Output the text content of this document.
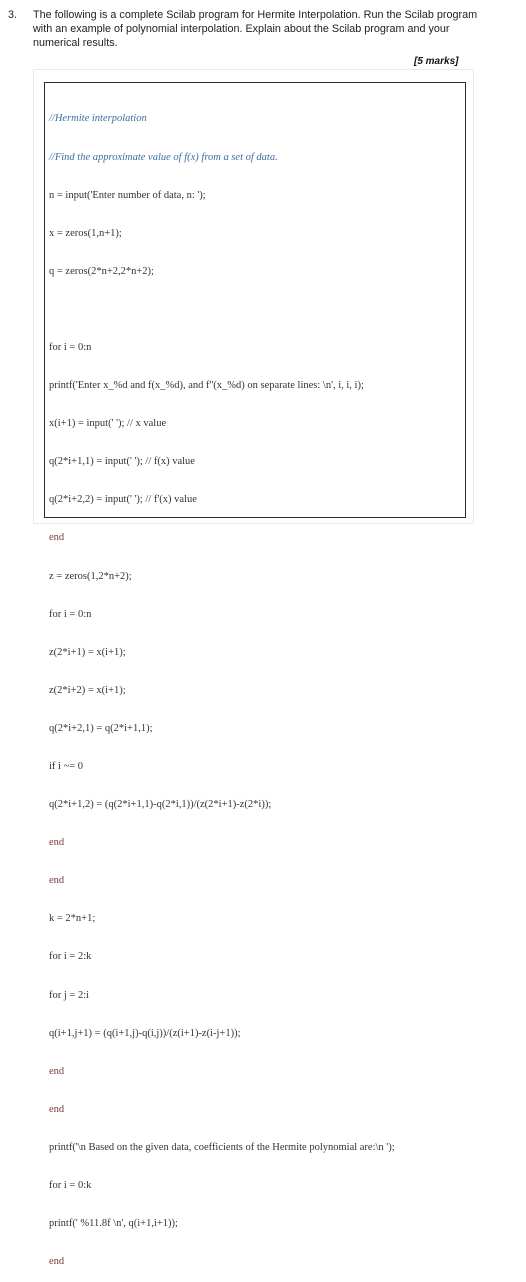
3.	The following is a complete Scilab program for Hermite Interpolation. Run the Scilab program with an example of polynomial interpolation. Explain about the Scilab program and your numerical results.
[5 marks]

//Hermite interpolation

//Find the approximate value of f(x) from a set of data.

n = input('Enter number of data, n: ');

x = zeros(1,n+1);

q = zeros(2*n+2,2*n+2);

for i = 0:n

printf('Enter x_%d and f(x_%d), and f''(x_%d) on separate lines: \n', i, i, i);

x(i+1) = input(' '); // x value

q(2*i+1,1) = input(' '); // f(x) value

q(2*i+2,2) = input(' '); // f'(x) value

end

z = zeros(1,2*n+2);

for i = 0:n

z(2*i+1) = x(i+1);

z(2*i+2) = x(i+1);

q(2*i+2,1) = q(2*i+1,1);

if i ~= 0

q(2*i+1,2) = (q(2*i+1,1)-q(2*i,1))/(z(2*i+1)-z(2*i));

end

end

k = 2*n+1;

for i = 2:k

for j = 2:i

q(i+1,j+1) = (q(i+1,j)-q(i,j))/(z(i+1)-z(i-j+1));

end

end

printf('\n Based on the given data, coefficients of the Hermite polynomial are:\n ');

for i = 0:k

printf(' %11.8f \n', q(i+1,i+1));

end
